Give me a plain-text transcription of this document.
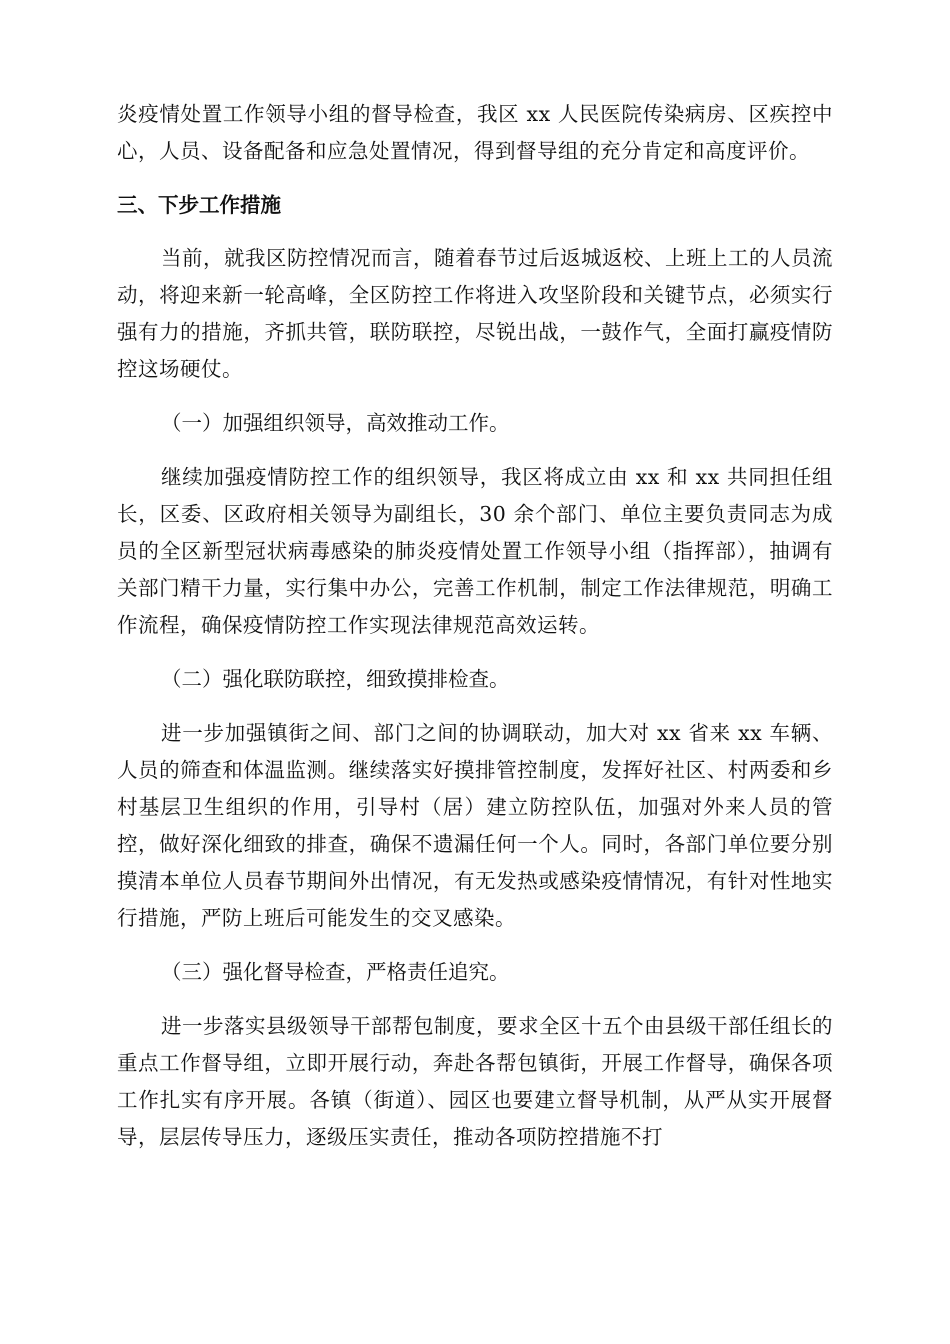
炎疫情处置工作领导小组的督导检查，我区 xx 人民医院传染病房、区疾控中心，人员、设备配备和应急处置情况，得到督导组的充分肯定和高度评价。

三、下步工作措施

当前，就我区防控情况而言，随着春节过后返城返校、上班上工的人员流动，将迎来新一轮高峰，全区防控工作将进入攻坚阶段和关键节点，必须实行强有力的措施，齐抓共管，联防联控，尽锐出战，一鼓作气，全面打赢疫情防控这场硬仗。

（一）加强组织领导，高效推动工作。

继续加强疫情防控工作的组织领导，我区将成立由 xx 和 xx 共同担任组长，区委、区政府相关领导为副组长，30 余个部门、单位主要负责同志为成员的全区新型冠状病毒感染的肺炎疫情处置工作领导小组（指挥部），抽调有关部门精干力量，实行集中办公，完善工作机制，制定工作法律规范，明确工作流程，确保疫情防控工作实现法律规范高效运转。

（二）强化联防联控，细致摸排检查。

进一步加强镇街之间、部门之间的协调联动，加大对 xx 省来 xx 车辆、人员的筛查和体温监测。继续落实好摸排管控制度，发挥好社区、村两委和乡村基层卫生组织的作用，引导村（居）建立防控队伍，加强对外来人员的管控，做好深化细致的排查，确保不遗漏任何一个人。同时，各部门单位要分别摸清本单位人员春节期间外出情况，有无发热或感染疫情情况，有针对性地实行措施，严防上班后可能发生的交叉感染。

（三）强化督导检查，严格责任追究。

进一步落实县级领导干部帮包制度，要求全区十五个由县级干部任组长的重点工作督导组，立即开展行动，奔赴各帮包镇街，开展工作督导，确保各项工作扎实有序开展。各镇（街道）、园区也要建立督导机制，从严从实开展督导，层层传导压力，逐级压实责任，推动各项防控措施不打
